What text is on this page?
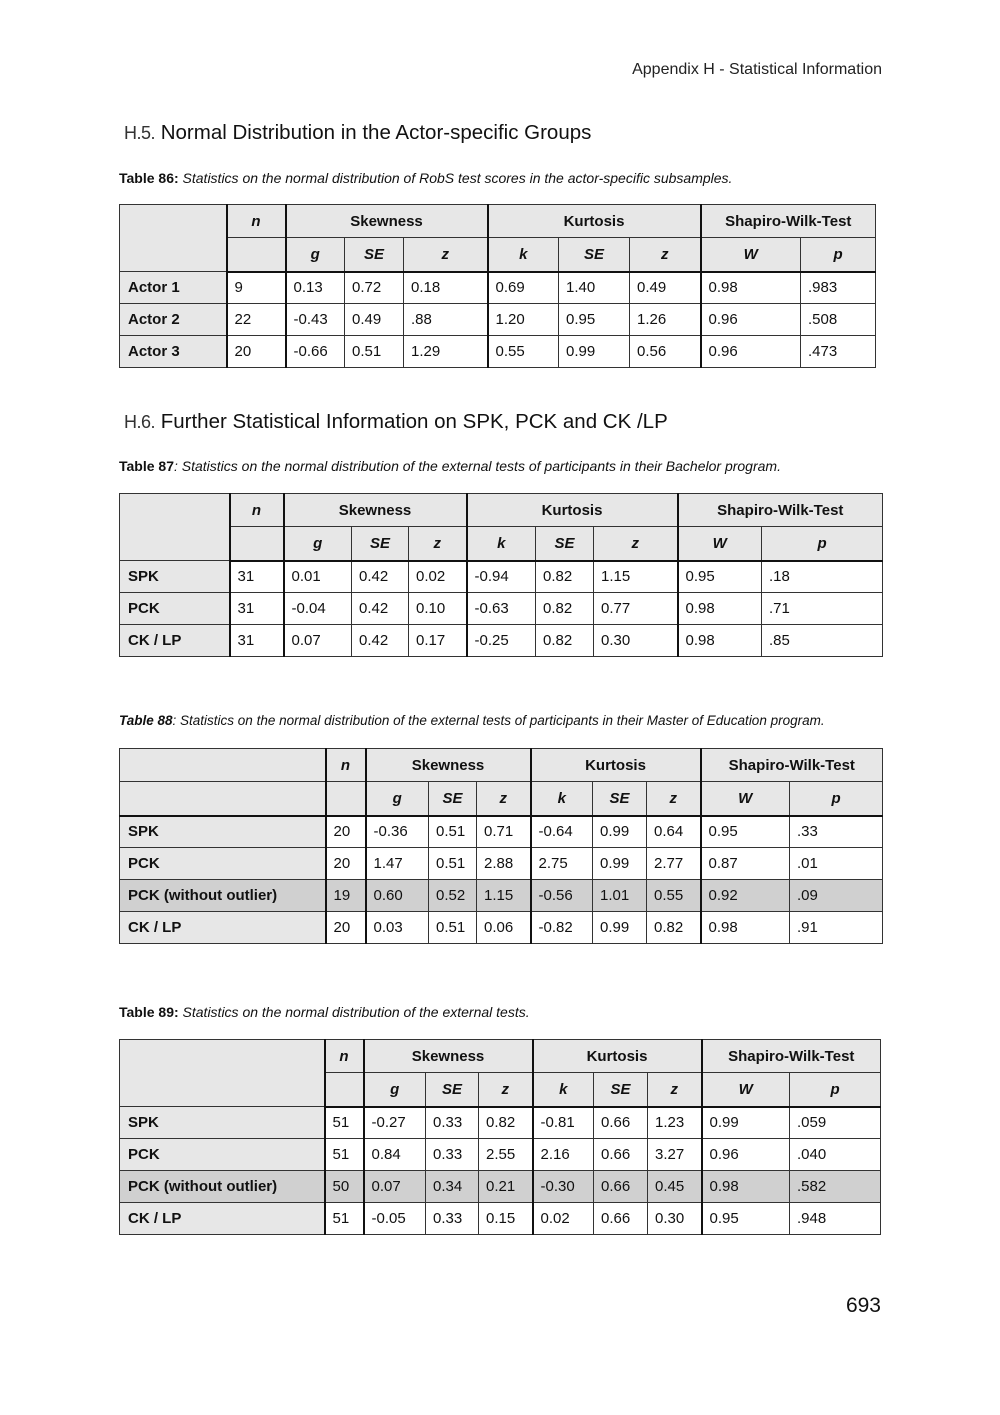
Appendix H - Statistical Information
H.5. Normal Distribution in the Actor-specific Groups
Table 86: Statistics on the normal distribution of RobS test scores in the actor-specific subsamples.
	n	Skewness			Kurtosis			Shapiro-Wilk-Test	
		g	SE	z	k	SE	z	W	p
Actor 1	9	0.13	0.72	0.18	0.69	1.40	0.49	0.98	.983
Actor 2	22	-0.43	0.49	.88	1.20	0.95	1.26	0.96	.508
Actor 3	20	-0.66	0.51	1.29	0.55	0.99	0.56	0.96	.473
H.6. Further Statistical Information on SPK, PCK and CK /LP
Table 87: Statistics on the normal distribution of the external tests of participants in their Bachelor program.
	n	Skewness			Kurtosis			Shapiro-Wilk-Test	
		g	SE	z	k	SE	z	W	p
SPK	31	0.01	0.42	0.02	-0.94	0.82	1.15	0.95	.18
PCK	31	-0.04	0.42	0.10	-0.63	0.82	0.77	0.98	.71
CK / LP	31	0.07	0.42	0.17	-0.25	0.82	0.30	0.98	.85
Table 88: Statistics on the normal distribution of the external tests of participants in their Master of Education program.
	n	Skewness			Kurtosis			Shapiro-Wilk-Test	
		g	SE	z	k	SE	z	W	p
SPK	20	-0.36	0.51	0.71	-0.64	0.99	0.64	0.95	.33
PCK	20	1.47	0.51	2.88	2.75	0.99	2.77	0.87	.01
PCK (without outlier)	19	0.60	0.52	1.15	-0.56	1.01	0.55	0.92	.09
CK / LP	20	0.03	0.51	0.06	-0.82	0.99	0.82	0.98	.91
Table 89: Statistics on the normal distribution of the external tests.
	n	Skewness			Kurtosis			Shapiro-Wilk-Test	
		g	SE	z	k	SE	z	W	p
SPK	51	-0.27	0.33	0.82	-0.81	0.66	1.23	0.99	.059
PCK	51	0.84	0.33	2.55	2.16	0.66	3.27	0.96	.040
PCK (without outlier)	50	0.07	0.34	0.21	-0.30	0.66	0.45	0.98	.582
CK / LP	51	-0.05	0.33	0.15	0.02	0.66	0.30	0.95	.948
693
